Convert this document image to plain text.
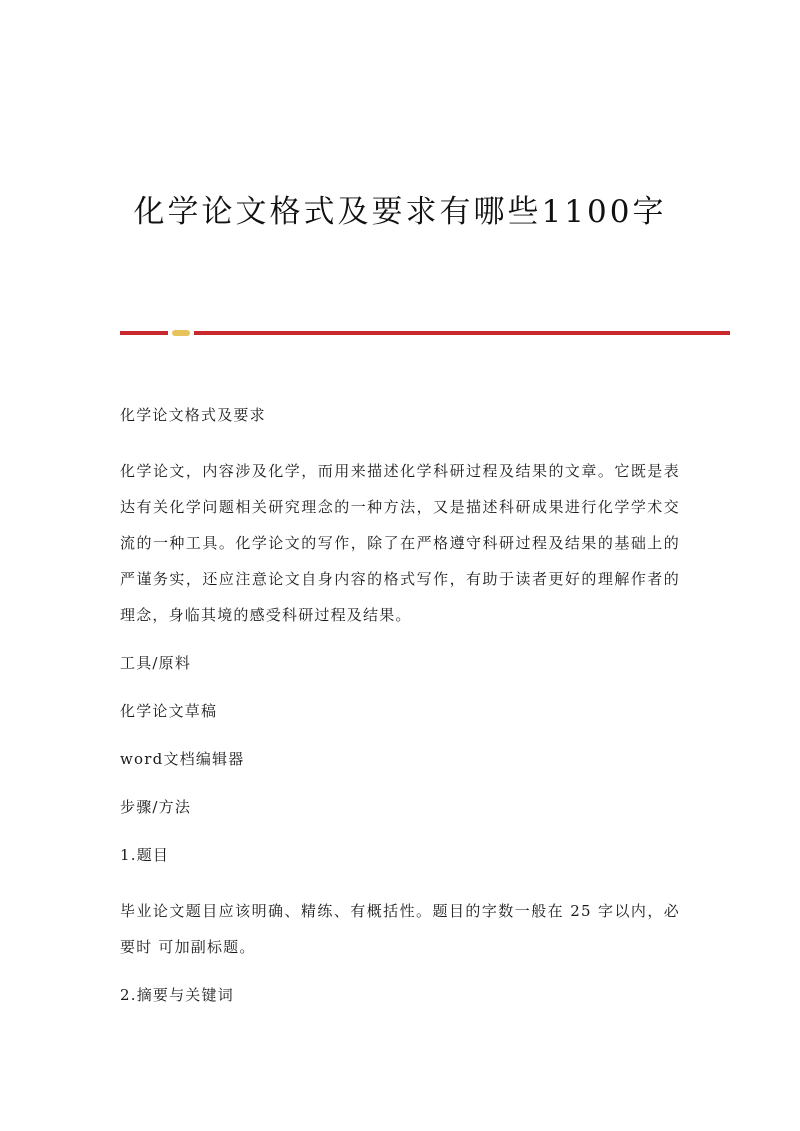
化学论文格式及要求有哪些1100字

化学论文格式及要求

化学论文，内容涉及化学，而用来描述化学科研过程及结果的文章。它既是表达有关化学问题相关研究理念的一种方法，又是描述科研成果进行化学学术交流的一种工具。化学论文的写作，除了在严格遵守科研过程及结果的基础上的严谨务实，还应注意论文自身内容的格式写作，有助于读者更好的理解作者的理念，身临其境的感受科研过程及结果。

工具/原料

化学论文草稿

word文档编辑器

步骤/方法

1.题目

毕业论文题目应该明确、精练、有概括性。题目的字数一般在 25 字以内，必要时 可加副标题。

2.摘要与关键词
